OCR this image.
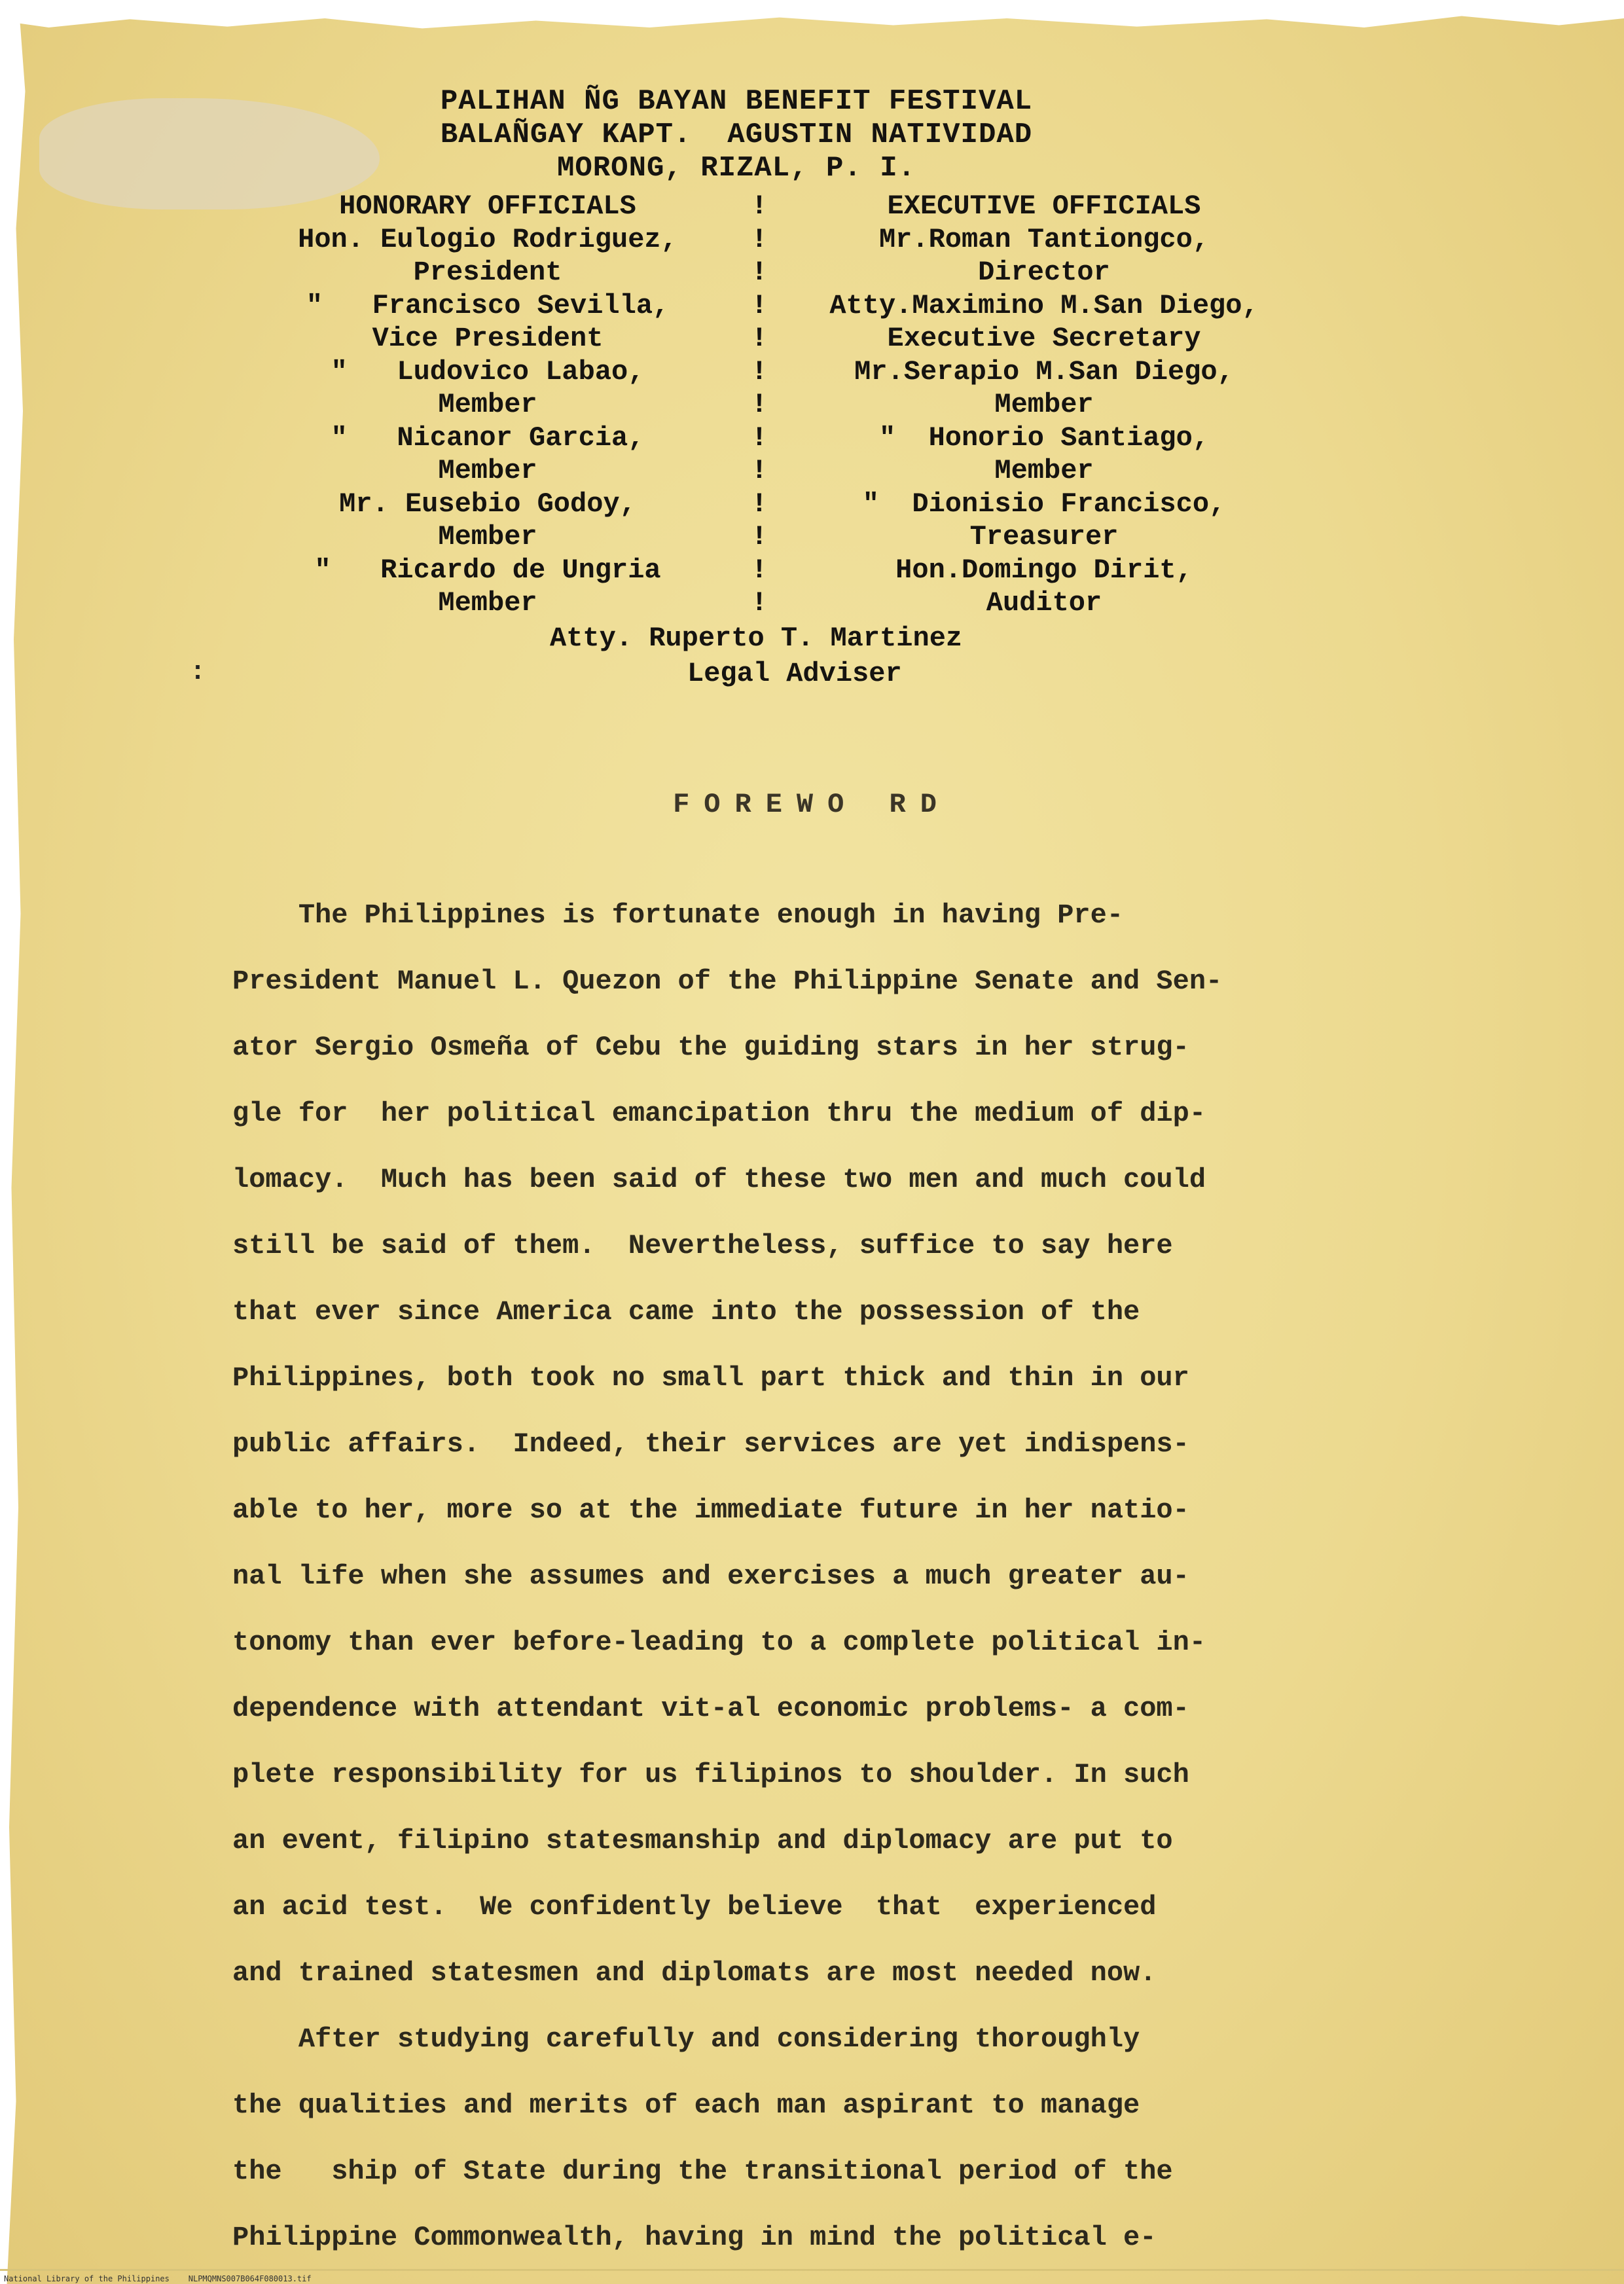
PALIHAN ÑG BAYAN BENEFIT FESTIVAL
BALAÑGAY KAPT.  AGUSTIN NATIVIDAD
MORONG, RIZAL, P. I.
HONORARY OFFICIALS
Hon. Eulogio Rodriguez,
President
"   Francisco Sevilla,
Vice President
"   Ludovico Labao,
Member
"   Nicanor Garcia,
Member
Mr. Eusebio Godoy,
Member
"   Ricardo de Ungria
Member
!
!
!
!
!
!
!
!
!
!
!
!
!
EXECUTIVE OFFICIALS
Mr.Roman Tantiongco,
Director
Atty.Maximino M.San Diego,
Executive Secretary
Mr.Serapio M.San Diego,
Member
"  Honorio Santiago,
Member
"  Dionisio Francisco,
Treasurer
Hon.Domingo Dirit,
Auditor
Atty. Ruperto T. Martinez
Legal Adviser
:
FOREWO RD
The Philippines is fortunate enough in having Pre-
President Manuel L. Quezon of the Philippine Senate and Sen-
ator Sergio Osmeña of Cebu the guiding stars in her strug-
gle for  her political emancipation thru the medium of dip-
lomacy.  Much has been said of these two men and much could
still be said of them.  Nevertheless, suffice to say here
that ever since America came into the possession of the
Philippines, both took no small part thick and thin in our
public affairs.  Indeed, their services are yet indispens-
able to her, more so at the immediate future in her natio-
nal life when she assumes and exercises a much greater au-
tonomy than ever before-leading to a complete political in-
dependence with attendant vit-al economic problems- a com-
plete responsibility for us filipinos to shoulder. In such
an event, filipino statesmanship and diplomacy are put to
an acid test.  We confidently believe  that  experienced
and trained statesmen and diplomats are most needed now.
After studying carefully and considering thoroughly
the qualities and merits of each man aspirant to manage
the   ship of State during the transitional period of the
Philippine Commonwealth, having in mind the political e-
National Library of the Philippines    NLPMQMNS007B064F080013.tif
